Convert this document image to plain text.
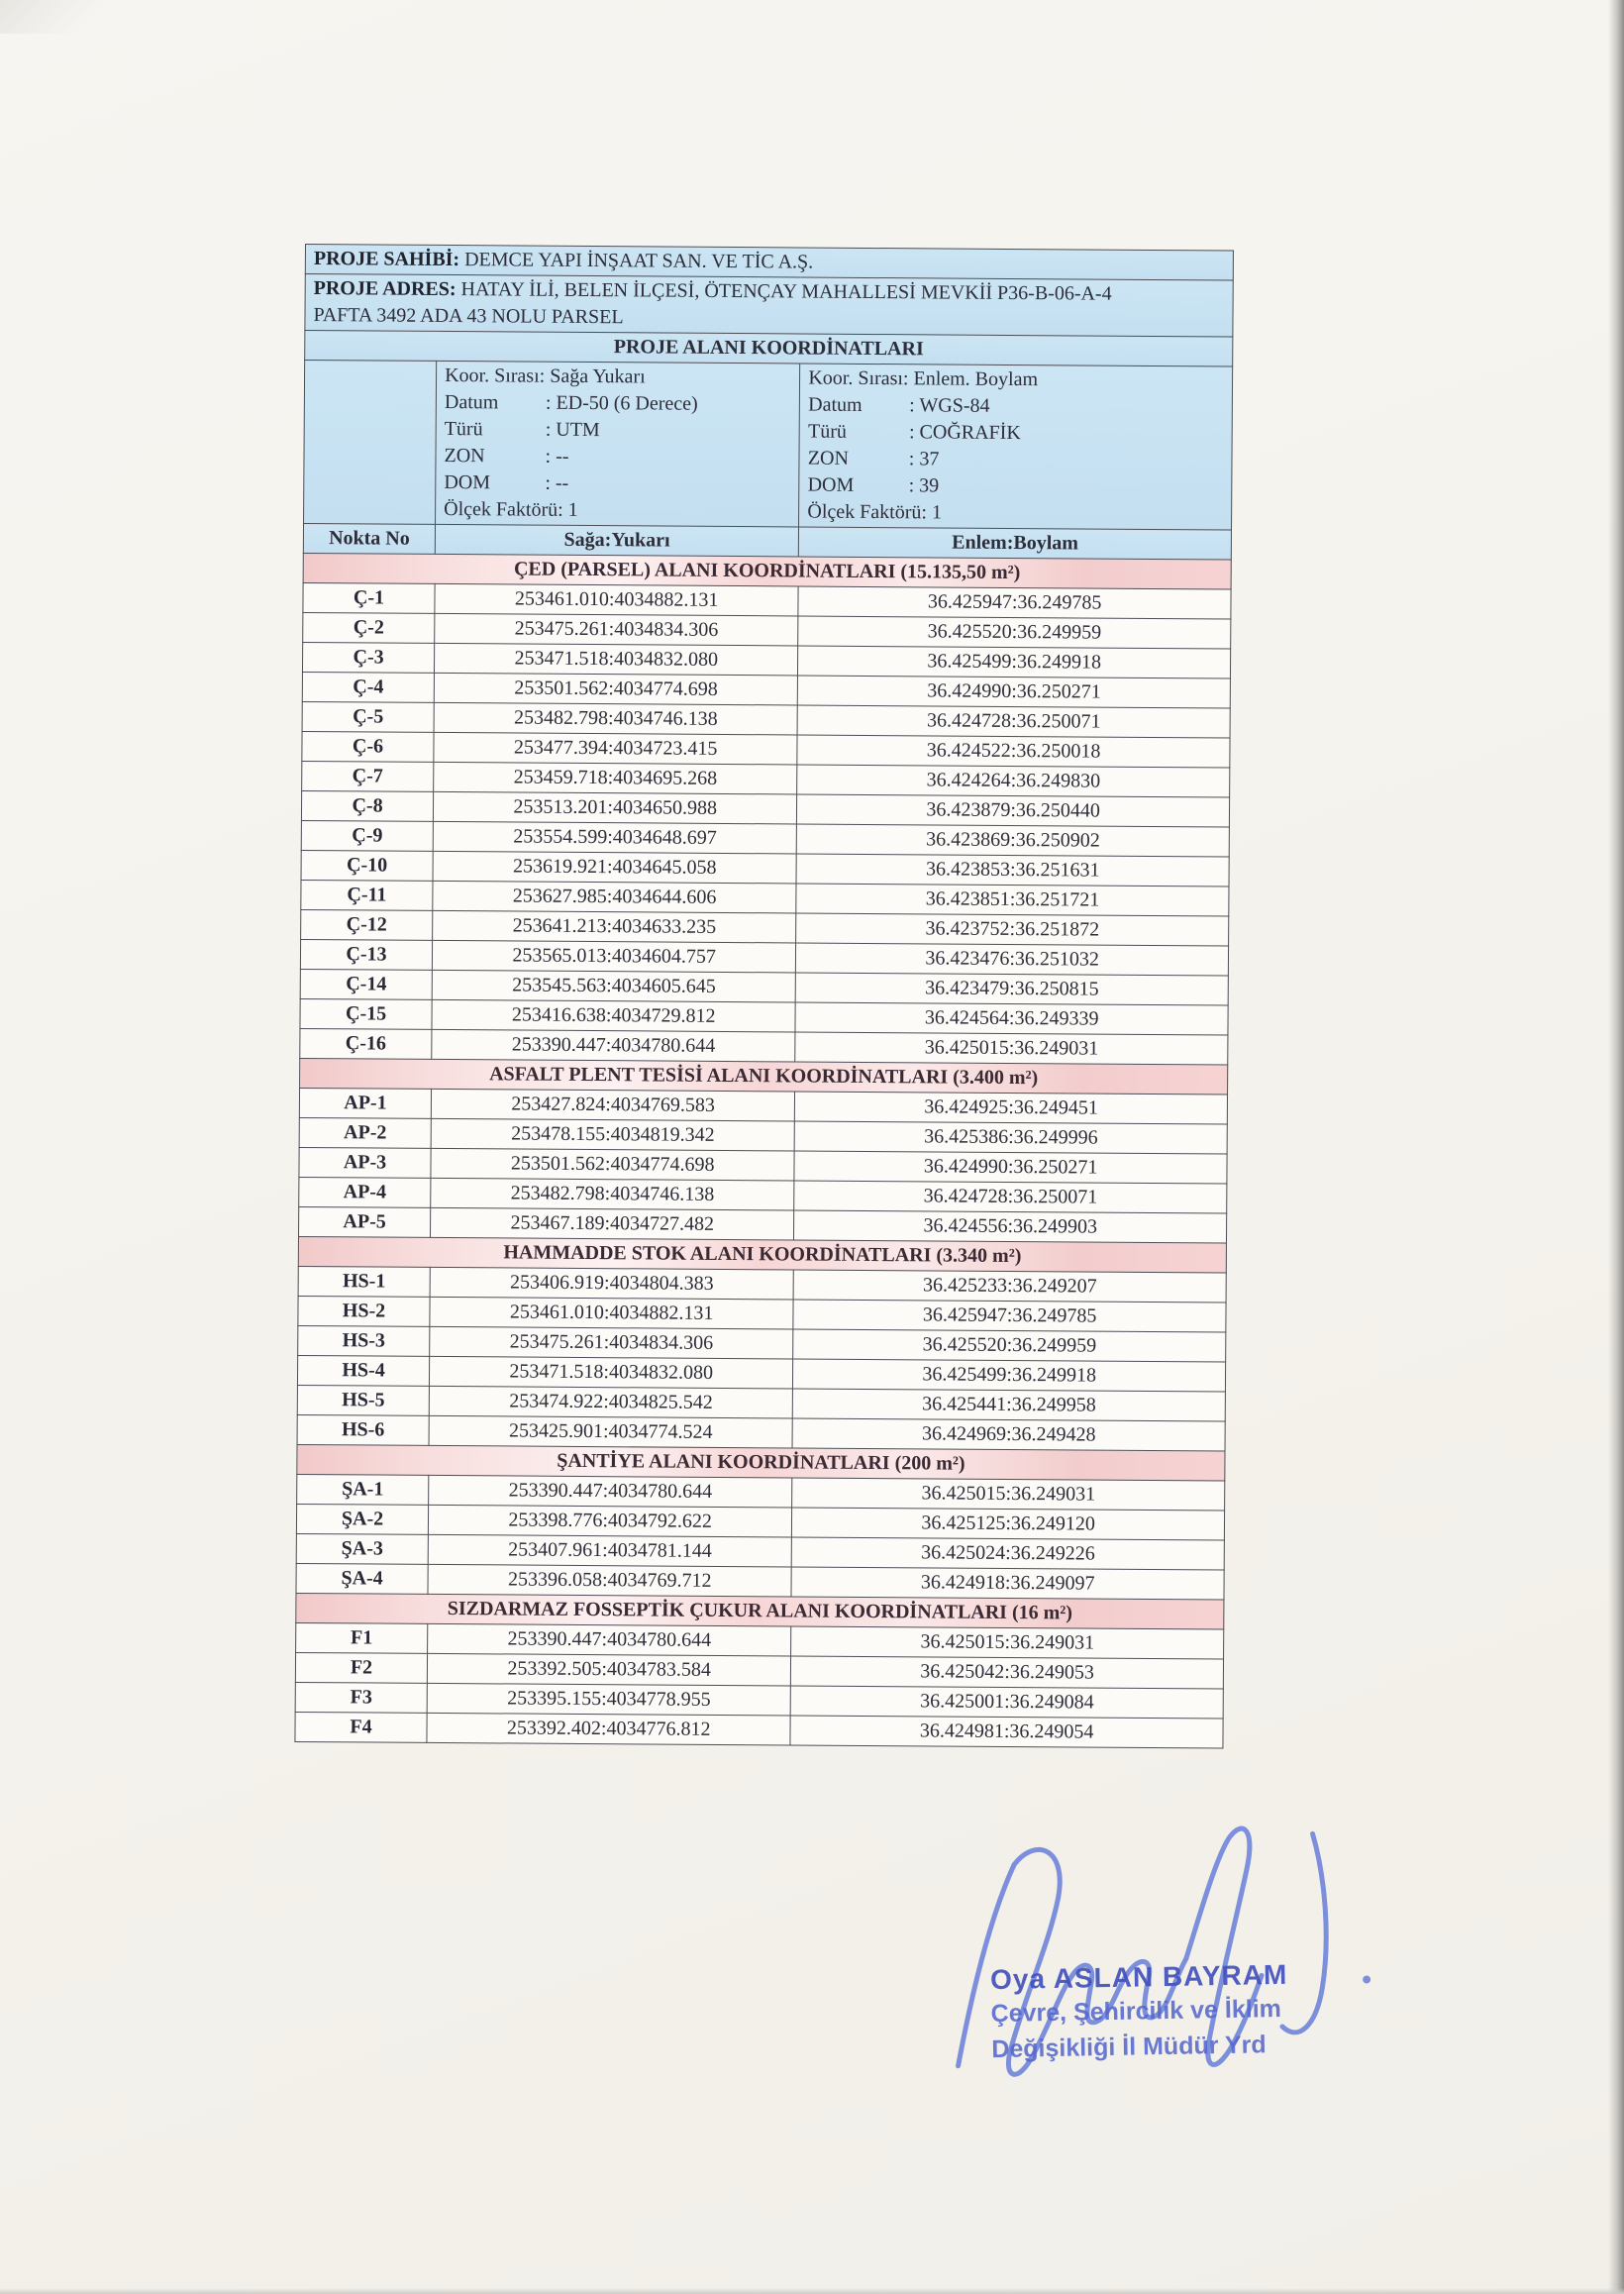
PROJE SAHİBİ: DEMCE YAPI İNŞAAT SAN. VE TİC A.Ş.		
PROJE ADRES: HATAY İLİ, BELEN İLÇESİ, ÖTENÇAY MAHALLESİ MEVKİİ P36-B-06-A-4
PAFTA 3492 ADA 43 NOLU PARSEL		
PROJE ALANI KOORDİNATLARI		

Koor. Sırası: Sağa Yukarı
Datum	: ED-50 (6 Derece)
Türü	: UTM
ZON	: --
DOM	: --
Ölçek Faktörü: 1

Koor. Sırası: Enlem. Boylam
Datum	: WGS-84
Türü	: COĞRAFİK
ZON	: 37
DOM	: 39
Ölçek Faktörü: 1

Nokta No	Sağa:Yukarı	Enlem:Boylam
ÇED (PARSEL) ALANI KOORDİNATLARI (15.135,50 m²)		
Ç-1	253461.010:4034882.131	36.425947:36.249785
Ç-2	253475.261:4034834.306	36.425520:36.249959
Ç-3	253471.518:4034832.080	36.425499:36.249918
Ç-4	253501.562:4034774.698	36.424990:36.250271
Ç-5	253482.798:4034746.138	36.424728:36.250071
Ç-6	253477.394:4034723.415	36.424522:36.250018
Ç-7	253459.718:4034695.268	36.424264:36.249830
Ç-8	253513.201:4034650.988	36.423879:36.250440
Ç-9	253554.599:4034648.697	36.423869:36.250902
Ç-10	253619.921:4034645.058	36.423853:36.251631
Ç-11	253627.985:4034644.606	36.423851:36.251721
Ç-12	253641.213:4034633.235	36.423752:36.251872
Ç-13	253565.013:4034604.757	36.423476:36.251032
Ç-14	253545.563:4034605.645	36.423479:36.250815
Ç-15	253416.638:4034729.812	36.424564:36.249339
Ç-16	253390.447:4034780.644	36.425015:36.249031
ASFALT PLENT TESİSİ ALANI KOORDİNATLARI (3.400 m²)		
AP-1	253427.824:4034769.583	36.424925:36.249451
AP-2	253478.155:4034819.342	36.425386:36.249996
AP-3	253501.562:4034774.698	36.424990:36.250271
AP-4	253482.798:4034746.138	36.424728:36.250071
AP-5	253467.189:4034727.482	36.424556:36.249903
HAMMADDE STOK ALANI KOORDİNATLARI (3.340 m²)		
HS-1	253406.919:4034804.383	36.425233:36.249207
HS-2	253461.010:4034882.131	36.425947:36.249785
HS-3	253475.261:4034834.306	36.425520:36.249959
HS-4	253471.518:4034832.080	36.425499:36.249918
HS-5	253474.922:4034825.542	36.425441:36.249958
HS-6	253425.901:4034774.524	36.424969:36.249428
ŞANTİYE ALANI KOORDİNATLARI (200 m²)		
ŞA-1	253390.447:4034780.644	36.425015:36.249031
ŞA-2	253398.776:4034792.622	36.425125:36.249120
ŞA-3	253407.961:4034781.144	36.425024:36.249226
ŞA-4	253396.058:4034769.712	36.424918:36.249097
SIZDARMAZ FOSSEPTİK ÇUKUR ALANI KOORDİNATLARI (16 m²)		
F1	253390.447:4034780.644	36.425015:36.249031
F2	253392.505:4034783.584	36.425042:36.249053
F3	253395.155:4034778.955	36.425001:36.249084
F4	253392.402:4034776.812	36.424981:36.249054
Oya ASLAN BAYRAM
Çevre, Şehircilik ve İklim
Değişikliği İl Müdür Yrd
